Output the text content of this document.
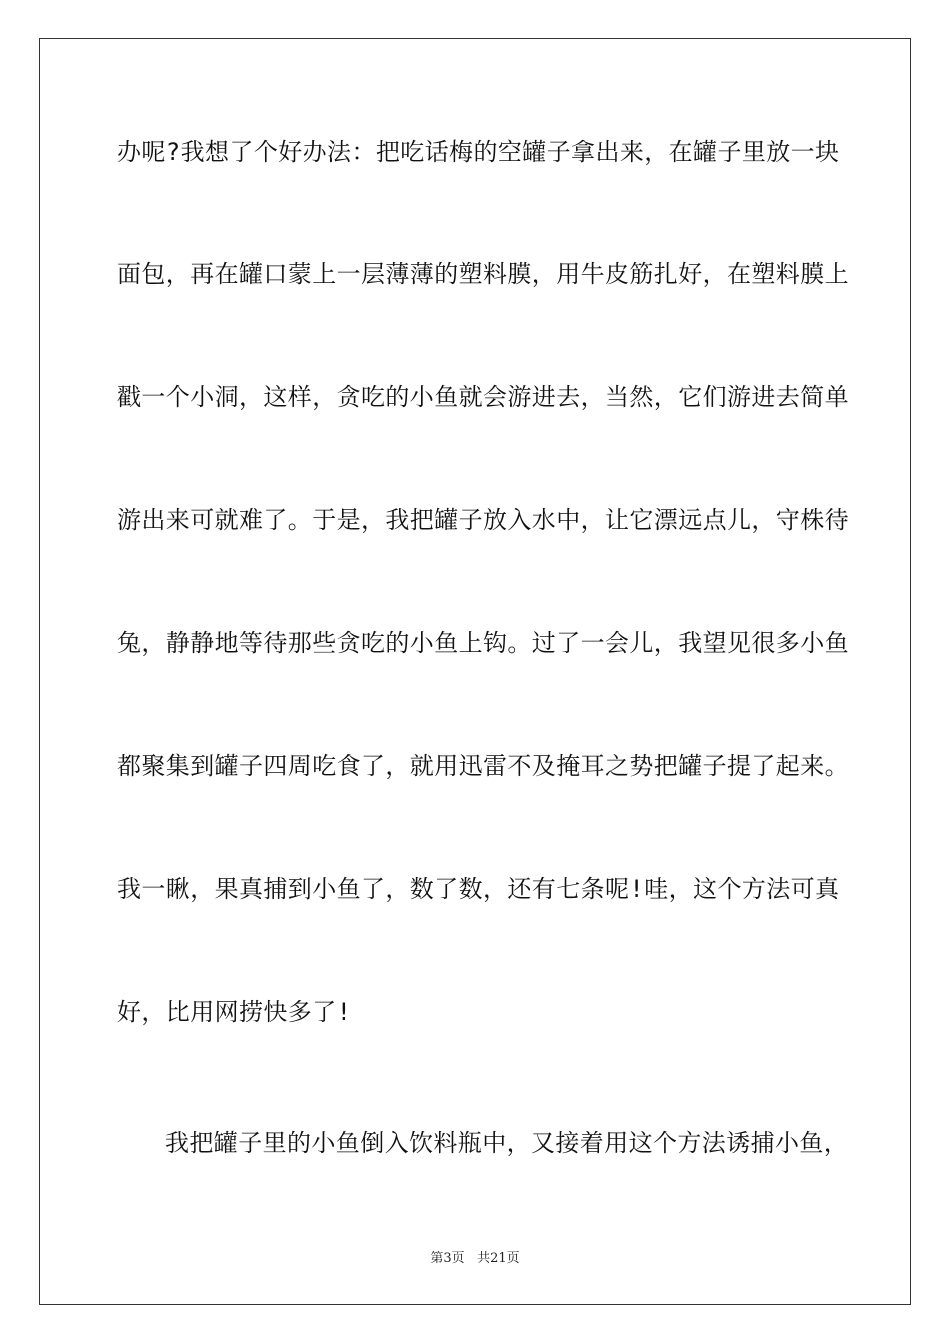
办呢?我想了个好办法：把吃话梅的空罐子拿出来，在罐子里放一块
面包，再在罐口蒙上一层薄薄的塑料膜，用牛皮筋扎好，在塑料膜上
戳一个小洞，这样，贪吃的小鱼就会游进去，当然，它们游进去简单
游出来可就难了。于是，我把罐子放入水中，让它漂远点儿，守株待
兔，静静地等待那些贪吃的小鱼上钩。过了一会儿，我望见很多小鱼
都聚集到罐子四周吃食了，就用迅雷不及掩耳之势把罐子提了起来。
我一瞅，果真捕到小鱼了，数了数，还有七条呢!哇，这个方法可真
好，比用网捞快多了!
我把罐子里的小鱼倒入饮料瓶中，又接着用这个方法诱捕小鱼，
第3页 共21页
